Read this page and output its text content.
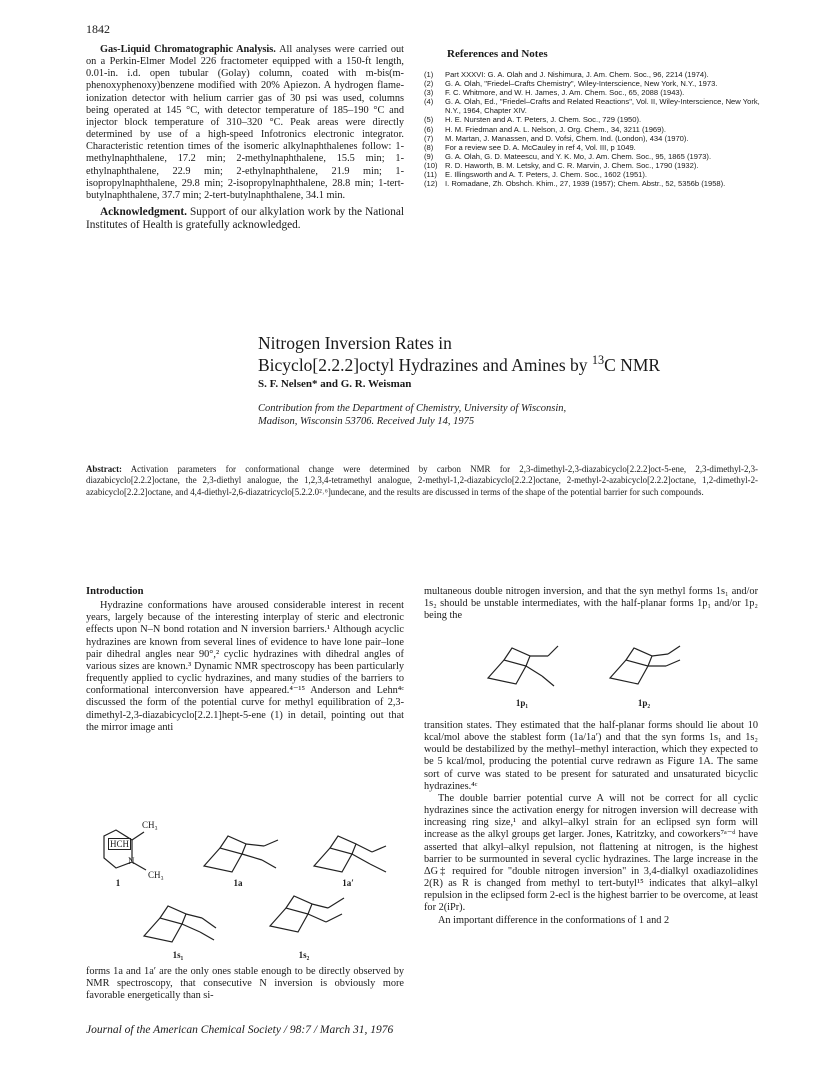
1842

Gas-Liquid Chromatographic Analysis. All analyses were carried out on a Perkin-Elmer Model 226 fractometer equipped with a 150-ft length, 0.01-in. i.d. open tubular (Golay) column, coated with m-bis(m-phenoxyphenoxy)benzene modified with 20% Apiezon. A hydrogen flame-ionization detector with helium carrier gas of 30 psi was used, columns being operated at 145 °C, with detector temperature of 185–190 °C and injector block temperature of 310–320 °C. Peak areas were directly determined by use of a high-speed Infotronics electronic integrator. Characteristic retention times of the isomeric alkylnaphthalenes follow: 1-methylnaphthalene, 17.2 min; 2-methylnaphthalene, 15.5 min; 1-ethylnaphthalene, 22.9 min; 2-ethylnaphthalene, 21.9 min; 1-isopropylnaphthalene, 29.8 min; 2-isopropylnaphthalene, 28.8 min; 1-tert-butylnaphthalene, 37.7 min; 2-tert-butylnaphthalene, 34.1 min.

Acknowledgment. Support of our alkylation work by the National Institutes of Health is gratefully acknowledged.

References and Notes
(1)	Part XXXVI: G. A. Olah and J. Nishimura, J. Am. Chem. Soc., 96, 2214 (1974).
(2)	G. A. Olah, "Friedel–Crafts Chemistry", Wiley-Interscience, New York, N.Y., 1973.
(3)	F. C. Whitmore, and W. H. James, J. Am. Chem. Soc., 65, 2088 (1943).
(4)	G. A. Olah, Ed., "Friedel–Crafts and Related Reactions", Vol. II, Wiley-Interscience, New York, N.Y., 1964, Chapter XIV.
(5)	H. E. Nursten and A. T. Peters, J. Chem. Soc., 729 (1950).
(6)	H. M. Friedman and A. L. Nelson, J. Org. Chem., 34, 3211 (1969).
(7)	M. Martan, J. Manassen, and D. Vofsi, Chem. Ind. (London), 434 (1970).
(8)	For a review see D. A. McCauley in ref 4, Vol. III, p 1049.
(9)	G. A. Olah, G. D. Mateescu, and Y. K. Mo, J. Am. Chem. Soc., 95, 1865 (1973).
(10) R. D. Haworth, B. M. Letsky, and C. R. Marvin, J. Chem. Soc., 1790 (1932).
(11)	E. Illingsworth and A. T. Peters, J. Chem. Soc., 1602 (1951).
(12) I. Romadane, Zh. Obshch. Khim., 27, 1939 (1957); Chem. Abstr., 52, 5356b (1958).
Nitrogen Inversion Rates in
Bicyclo[2.2.2]octyl Hydrazines and Amines by $^{13}$C NMR
S. F. Nelsen* and G. R. Weisman
Contribution from the Department of Chemistry, University of Wisconsin,
Madison, Wisconsin 53706. Received July 14, 1975
Abstract: Activation parameters for conformational change were determined by carbon NMR for 2,3-dimethyl-2,3-diazabicyclo[2.2.2]oct-5-ene, 2,3-dimethyl-2,3-diazabicyclo[2.2.2]octane, the 2,3-diethyl analogue, the 1,2,3,4-tetramethyl analogue, 2-methyl-1,2-diazabicyclo[2.2.2]octane, 2-methyl-2-azabicyclo[2.2.2]octane, 1,2-dimethyl-2-azabicyclo[2.2.2]octane, and 4,4-diethyl-2,6-diazatricyclo[5.2.2.0²˒⁶]undecane, and the results are discussed in terms of the shape of the potential barrier for such compounds.
Introduction

Hydrazine conformations have aroused considerable interest in recent years, largely because of the interesting interplay of steric and electronic effects upon N–N bond rotation and N inversion barriers.¹ Although acyclic hydrazines are known from several lines of evidence to have lone pair–lone pair dihedral angles near 90°,² cyclic hydrazines with dihedral angles of various sizes are known.³ Dynamic NMR spectroscopy has been particularly frequently applied to cyclic hydrazines, and many studies of the barriers to conformational interconversion have appeared.⁴⁻¹⁵ Anderson and Lehn⁴ᶜ discussed the form of the potential curve for methyl equilibration of 2,3-dimethyl-2,3-diazabicyclo[2.2.1]hept-5-ene (1) in detail, pointing out that the mirror image anti

CH₃
HCH
N
CH₃
1	1a	1a′
1s₁	1s₂

forms 1a and 1a′ are the only ones stable enough to be directly observed by NMR spectroscopy, that consecutive N inversion is obviously more favorable energetically than si-

multaneous double nitrogen inversion, and that the syn methyl forms 1s₁ and/or 1s₂ should be unstable intermediates, with the half-planar forms 1p₁ and/or 1p₂ being the

1p₁	1p₂

transition states. They estimated that the half-planar forms should lie about 10 kcal/mol above the stablest form (1a/1a′) and that the syn forms 1s₁ and 1s₂ would be destabilized by the methyl–methyl interaction, which they expected to be 5 kcal/mol, producing the potential curve redrawn as Figure 1A. The same sort of curve was stated to be present for saturated and unsaturated bicyclic hydrazines.⁴ᶜ

The double barrier potential curve A will not be correct for all cyclic hydrazines since the activation energy for nitrogen inversion will decrease with increasing ring size,¹ and alkyl–alkyl strain for an eclipsed syn form will increase as the alkyl groups get larger. Jones, Katritzky, and coworkers⁷ᵃ⁻ᵈ have asserted that alkyl–alkyl repulsion, not flattening at nitrogen, is the highest barrier to be surmounted in several cyclic hydrazines. The large increase in the ΔG‡ required for "double nitrogen inversion" in 3,4-dialkyl oxadiazolidines 2(R) as R is changed from methyl to tert-butyl¹⁵ indicates that alkyl–alkyl repulsion in the eclipsed form 2-ecl is the highest barrier to be overcome, at least for 2(iPr).

An important difference in the conformations of 1 and 2

Journal of the American Chemical Society / 98:7 / March 31, 1976
